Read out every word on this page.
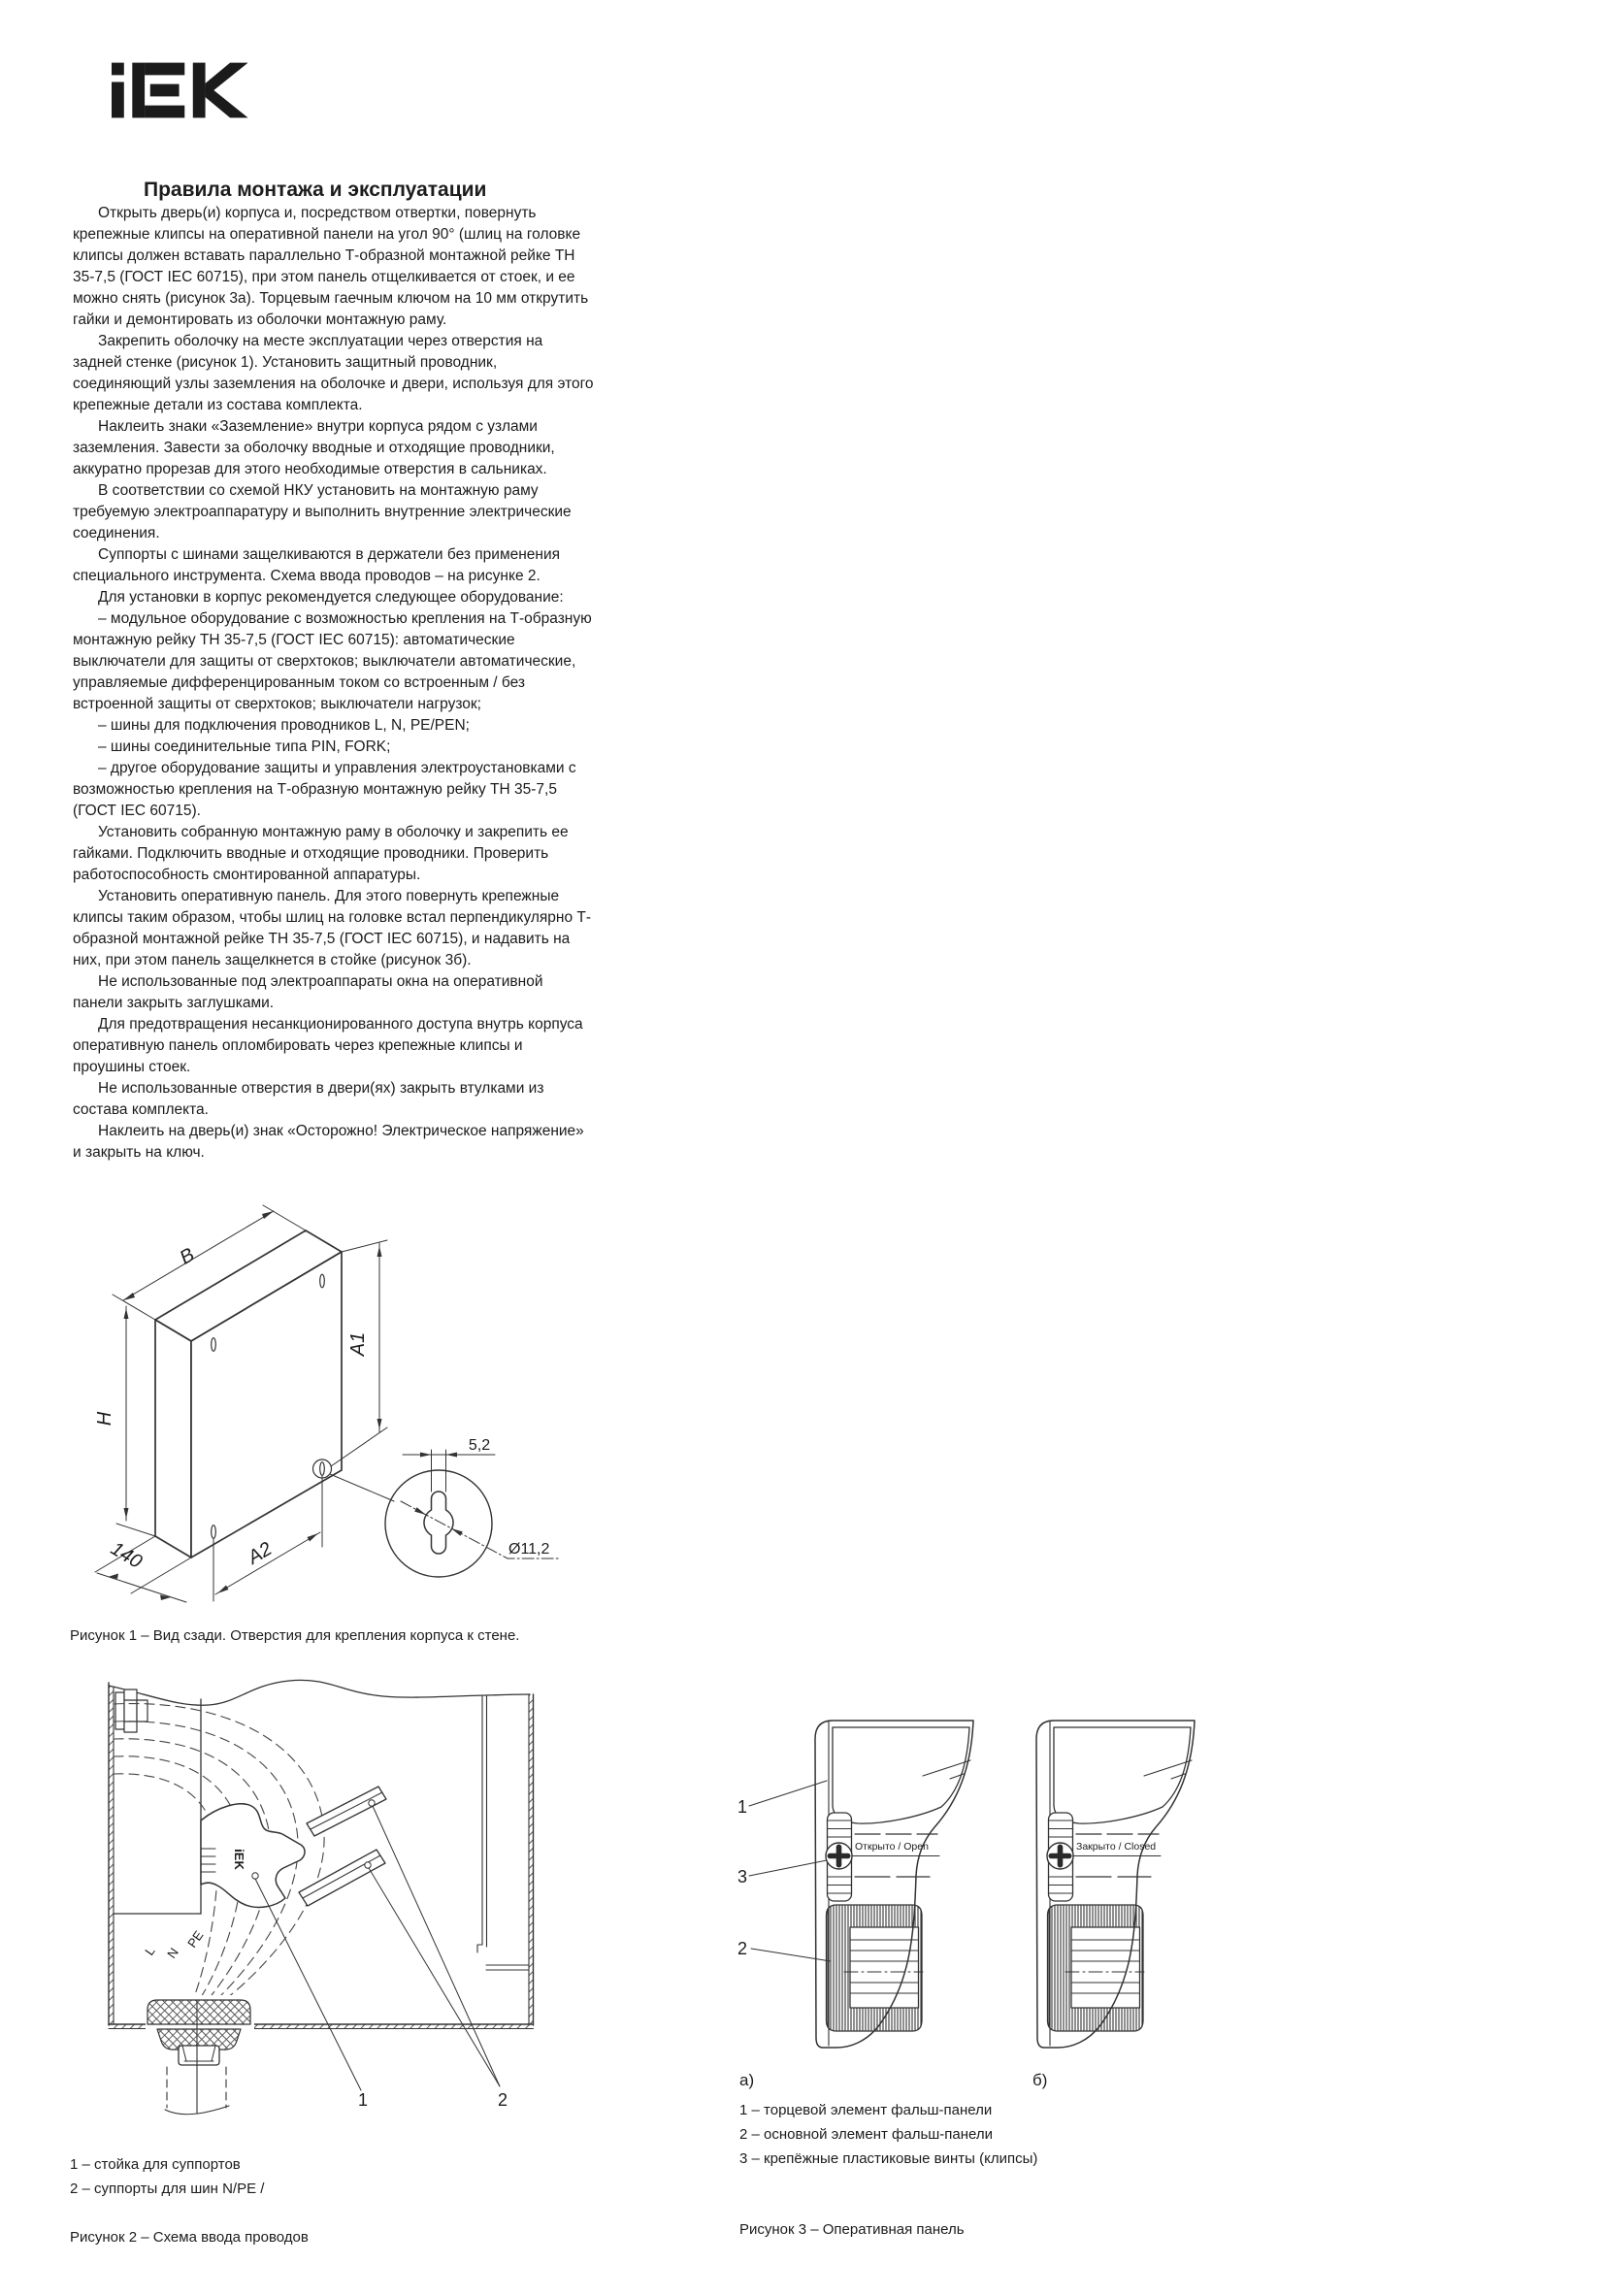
Правила монтажа и эксплуатации

Открыть дверь(и) корпуса и, посредством отвертки, повернуть крепежные клипсы на оперативной панели на угол 90° (шлиц на головке клипсы должен вставать параллельно Т-образной монтажной рейке ТН 35-7,5 (ГОСТ IEC 60715), при этом панель отщелкивается от стоек, и ее можно снять (рисунок 3а). Торцевым гаечным ключом на 10 мм открутить гайки и демонтировать из оболочки монтажную раму.

Закрепить оболочку на месте эксплуатации через отверстия на задней стенке (рисунок 1). Установить защитный проводник, соединяющий узлы заземления на оболочке и двери, используя для этого крепежные детали из состава комплекта.

Наклеить знаки «Заземление» внутри корпуса рядом с узлами заземления. Завести за оболочку вводные и отходящие проводники, аккуратно прорезав для этого необходимые отверстия в сальниках.

В соответствии со схемой НКУ установить на монтажную раму требуемую электроаппаратуру и выполнить внутренние электрические соединения.

Суппорты с шинами защелкиваются в держатели без применения специального инструмента. Схема ввода проводов – на рисунке 2.

Для установки в корпус рекомендуется следующее оборудование:

– модульное оборудование с возможностью крепления на Т-образную монтажную рейку ТН 35-7,5 (ГОСТ IEC 60715): автоматические выключатели для защиты от сверхтоков; выключатели автоматические, управляемые дифференцированным током со встроенным / без встроенной защиты от сверхтоков; выключатели нагрузок;

– шины для подключения проводников L, N, PE/PEN;

– шины соединительные типа PIN, FORK;

– другое оборудование защиты и управления электроустановками с возможностью крепления на Т-образную монтажную рейку ТН 35-7,5 (ГОСТ IEC 60715).

Установить собранную монтажную раму в оболочку и закрепить ее гайками. Подключить вводные и отходящие проводники. Проверить работоспособность смонтированной аппаратуры.

Установить оперативную панель. Для этого повернуть крепежные клипсы таким образом, чтобы шлиц на головке встал перпендикулярно Т-образной монтажной рейке ТН 35-7,5 (ГОСТ IEC 60715), и надавить на них, при этом панель защелкнется в стойке (рисунок 3б).

Не использованные под электроаппараты окна на оперативной панели закрыть заглушками.

Для предотвращения несанкционированного доступа внутрь корпуса оперативную панель опломбировать через крепежные клипсы и проушины стоек.

Не использованные отверстия в двери(ях) закрыть втулками из состава комплекта.

Наклеить на дверь(и) знак «Осторожно! Электрическое напряжение» и закрыть на ключ.

B
H
A1
A2
140
5,2
Ø11,2
Рисунок 1 – Вид сзади. Отверстия для крепления корпуса к стене.
L N
PE
iEK
1	2

1 – стойка для суппортов

2 – суппорты для шин N/PE /

Рисунок 2 – Схема ввода проводов
Открыто / Open	Закрыто / Closed
1
3
2
а)	б)

1 – торцевой элемент фальш-панели

2 – основной элемент фальш-панели

3 – крепёжные пластиковые винты (клипсы)

Рисунок 3 – Оперативная панель
